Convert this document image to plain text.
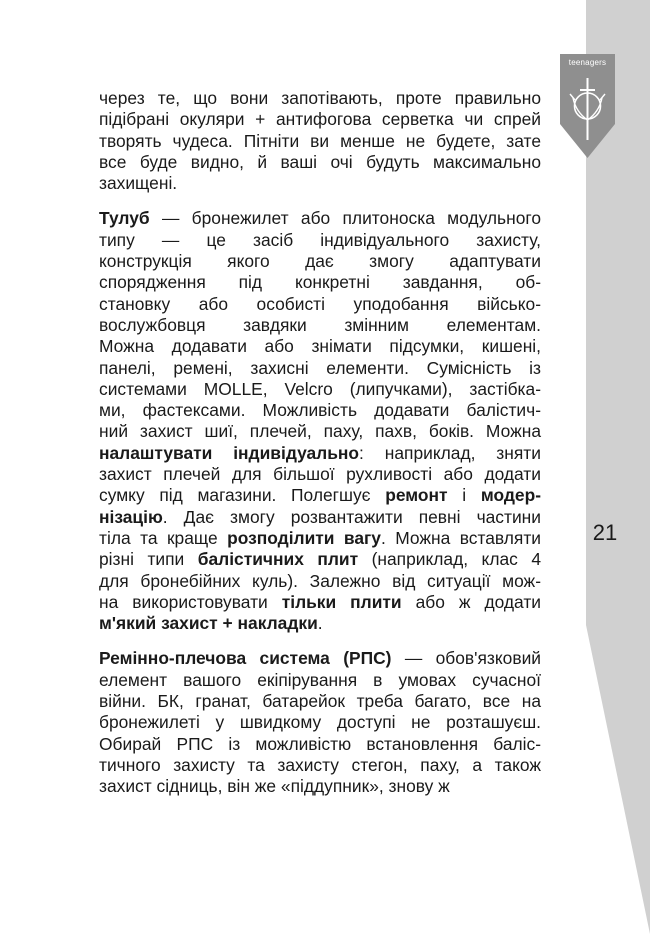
teenagers
21

через те, що вони запотівають, проте правильно
підібрані окуляри + антифогова серветка чи спрей
творять чудеса. Пітніти ви менше не будете, зате
все буде видно, й ваші очі будуть максимально
захищені.

Тулуб — бронежилет або плитоноска модульного
типу — це засіб індивідуального захисту,
конструкція якого дає змогу адаптувати
спорядження під конкретні завдання, об-
становку або особисті уподобання військо-
вослужбовця завдяки змінним елементам.
Можна додавати або знімати підсумки, кишені,
панелі, ремені, захисні елементи. Сумісність із
системами MOLLE, Velcro (липучками), застібка-
ми, фастексами. Можливість додавати балістич-
ний захист шиї, плечей, паху, пахв, боків. Можна
налаштувати індивідуально: наприклад, зняти
захист плечей для більшої рухливості або додати
сумку під магазини. Полегшує ремонт і модер-
нізацію. Дає змогу розвантажити певні частини
тіла та краще розподілити вагу. Можна вставляти
різні типи балістичних плит (наприклад, клас 4
для бронебійних куль). Залежно від ситуації мож-
на використовувати тільки плити або ж додати
м'який захист + накладки.

Ремінно-плечова система (РПС) — обов'язковий
елемент вашого екіпірування в умовах сучасної
війни. БК, гранат, батарейок треба багато, все на
бронежилеті у швидкому доступі не розташуєш.
Обирай РПС із можливістю встановлення баліс-
тичного захисту та захисту стегон, паху, а також
захист сідниць, він же «піддупник», знову ж
